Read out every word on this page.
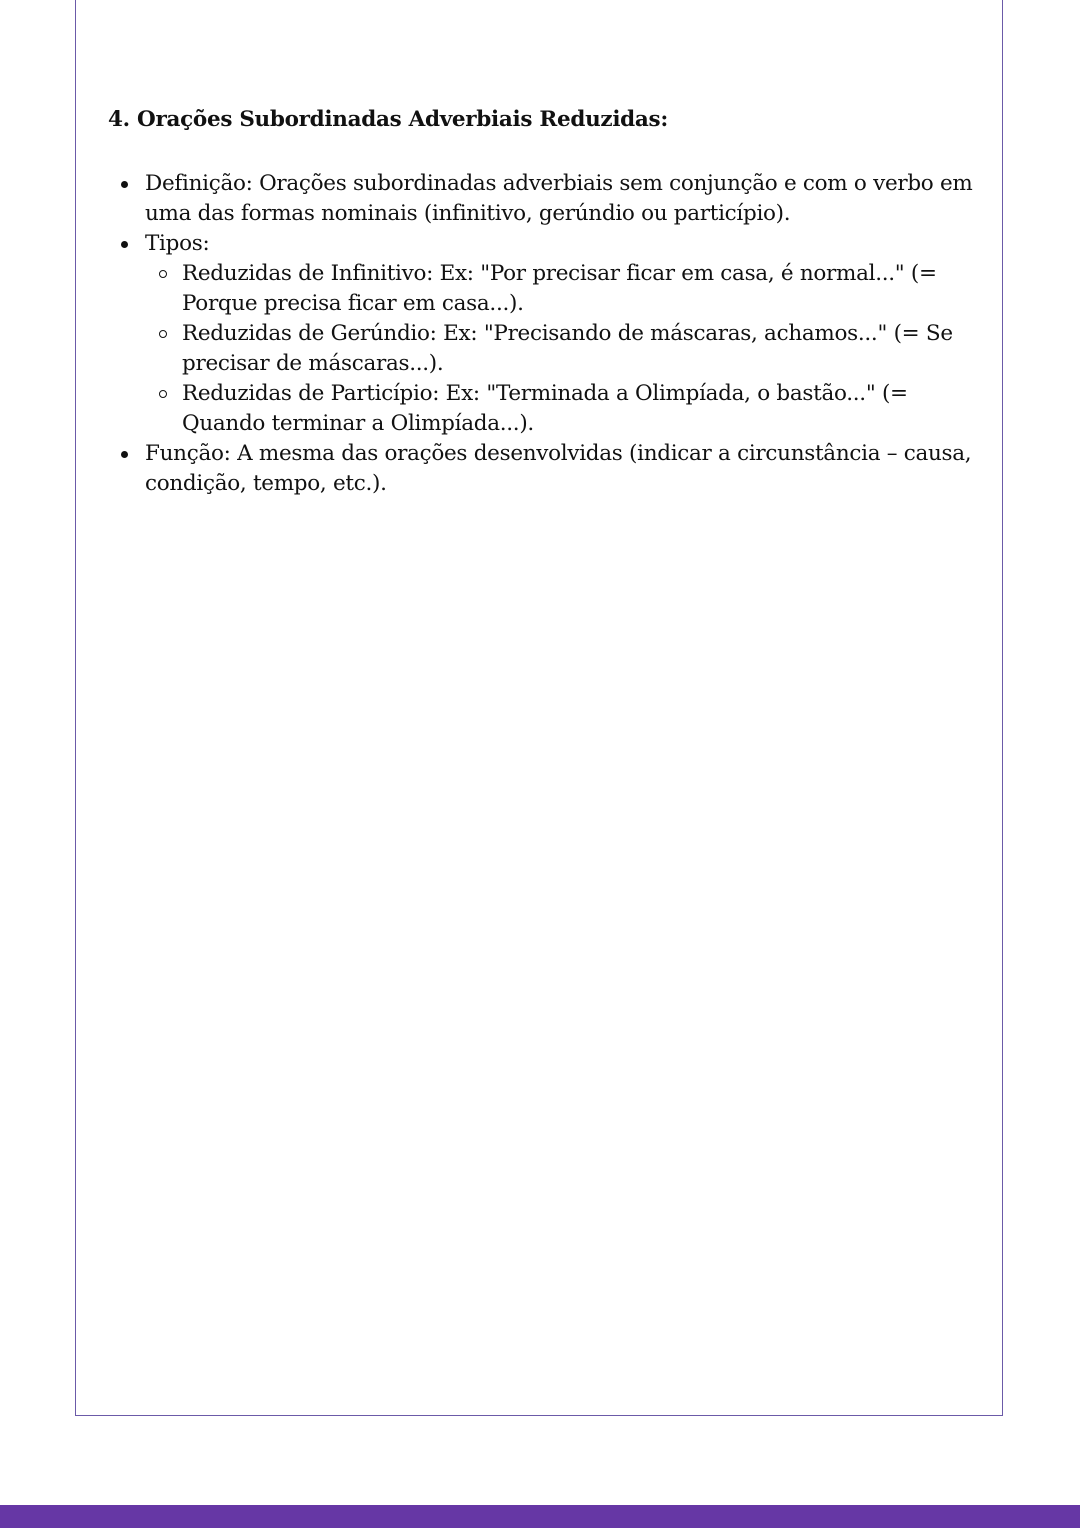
4. Orações Subordinadas Adverbiais Reduzidas:
Definição: Orações subordinadas adverbiais sem conjunção e com o verbo em uma das formas nominais (infinitivo, gerúndio ou particípio).
Tipos:
Reduzidas de Infinitivo: Ex: "Por precisar ficar em casa, é normal..." (= Porque precisa ficar em casa...).
Reduzidas de Gerúndio: Ex: "Precisando de máscaras, achamos..." (= Se precisar de máscaras...).
Reduzidas de Particípio: Ex: "Terminada a Olimpíada, o bastão..." (= Quando terminar a Olimpíada...).
Função: A mesma das orações desenvolvidas (indicar a circunstância – causa, condição, tempo, etc.).
